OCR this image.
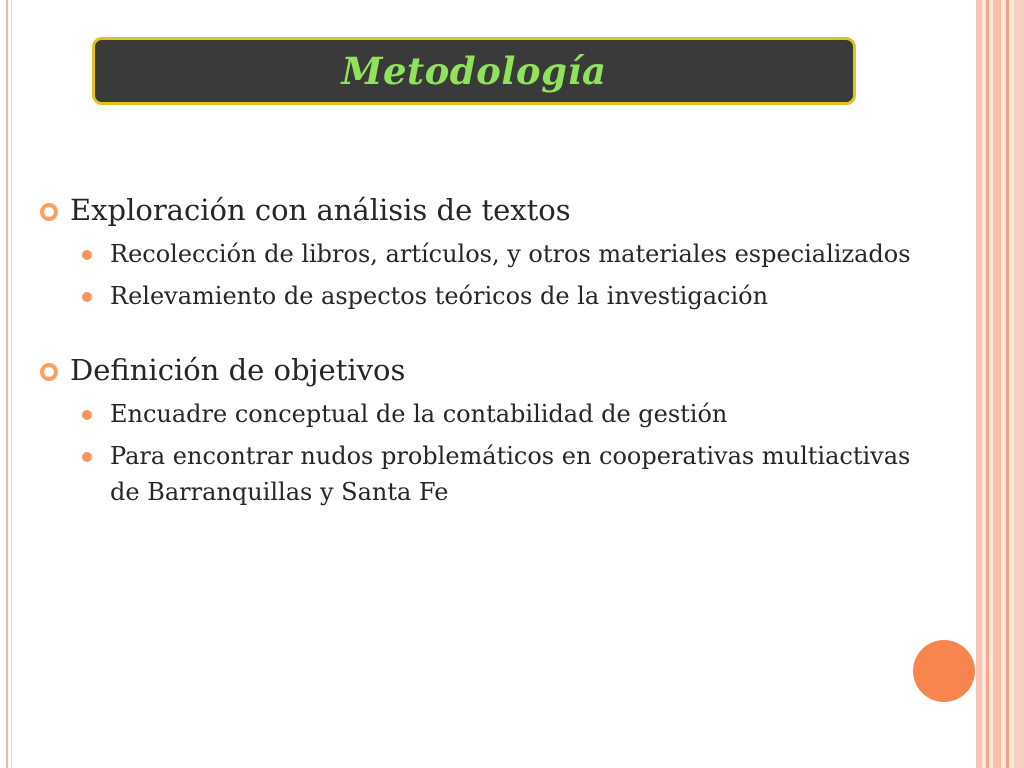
Metodología
Exploración con análisis de textos
Recolección de libros, artículos, y otros materiales especializados
Relevamiento de aspectos teóricos de la investigación
Definición de objetivos
Encuadre conceptual de la contabilidad de gestión
Para encontrar nudos problemáticos en cooperativas multiactivas de Barranquillas y Santa Fe
